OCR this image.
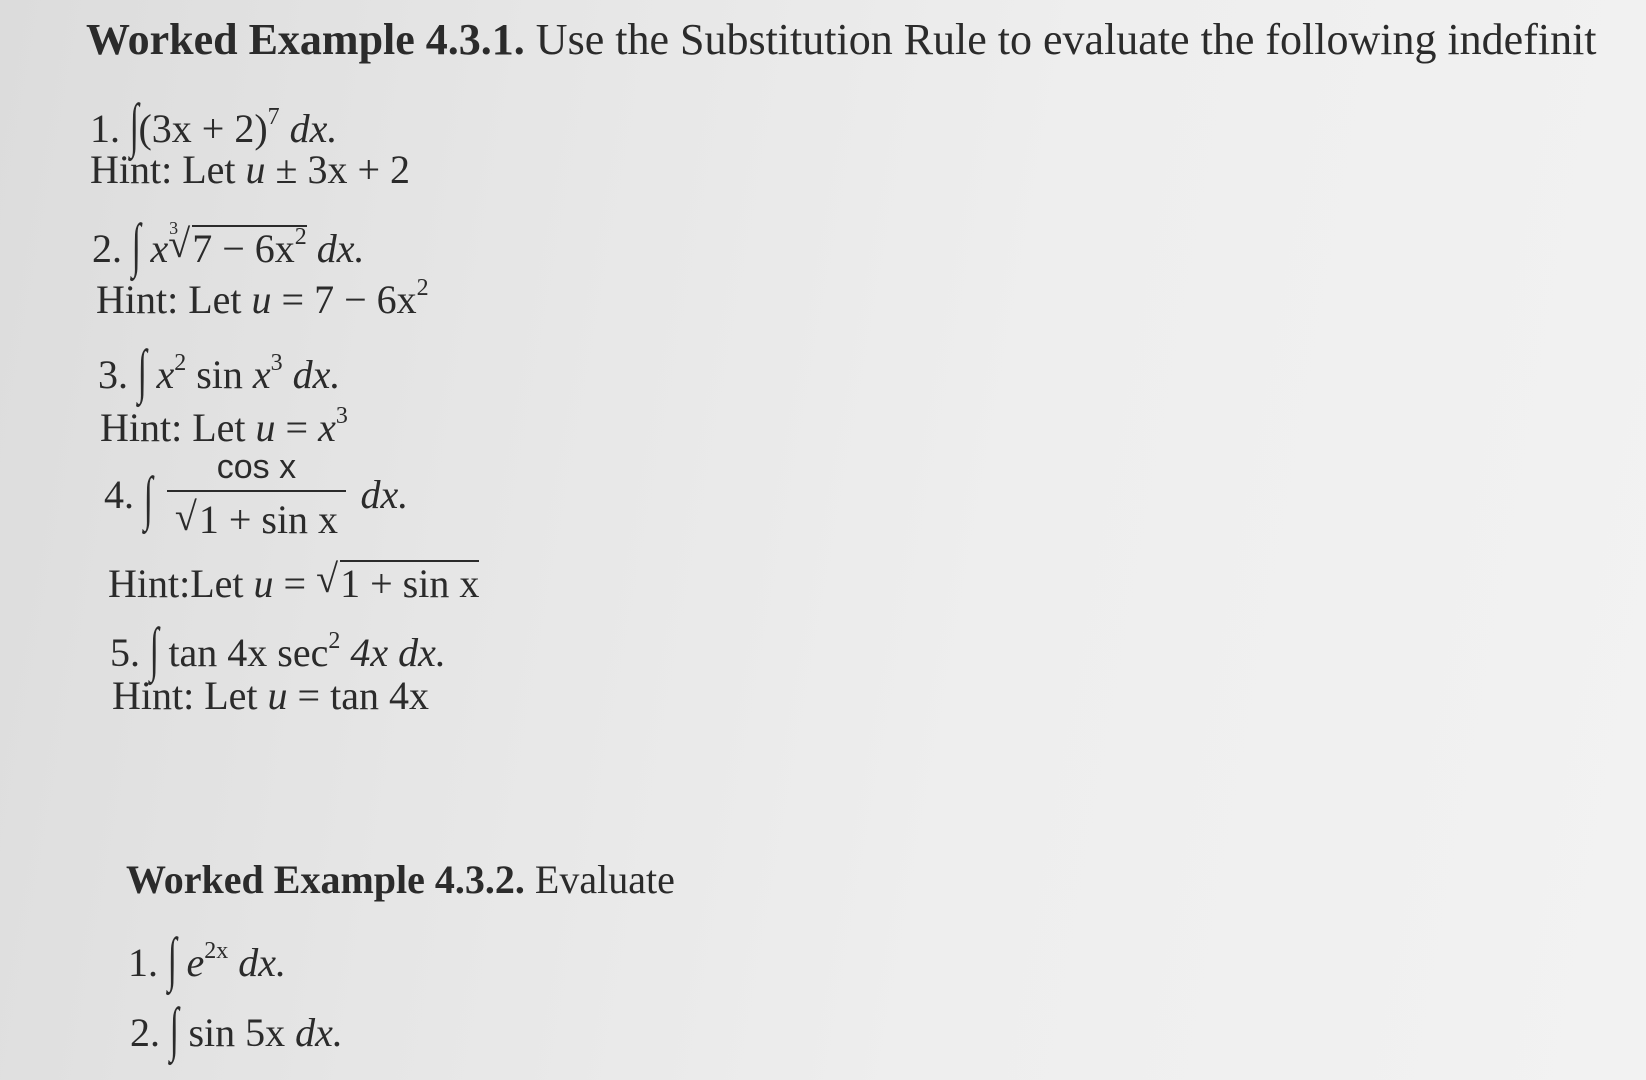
Worked Example 4.3.1. Use the Substitution Rule to evaluate the following indefinit
1. $\int(3x + 2)^7$ dx.
Hint: Let u ± 3x + 2
2. ∫ x √ 3 $7 - 6x^2$ dx.
Hint: Let $u = 7 - 6x^2$
3. ∫ $x^2$ $\sin x^3$ dx.
Hint: Let $u = x^3$
4. ∫ cos x
√ 1 + sin x dx.
Hint:Let u = √ 1 + sin x
5. ∫ tan 4x $\sec^2 4x$ dx.
Hint: Let u = tan 4x
Worked Example 4.3.2. Evaluate
1. ∫ $e^{2x}$ dx.
2. ∫ sin 5x dx.
